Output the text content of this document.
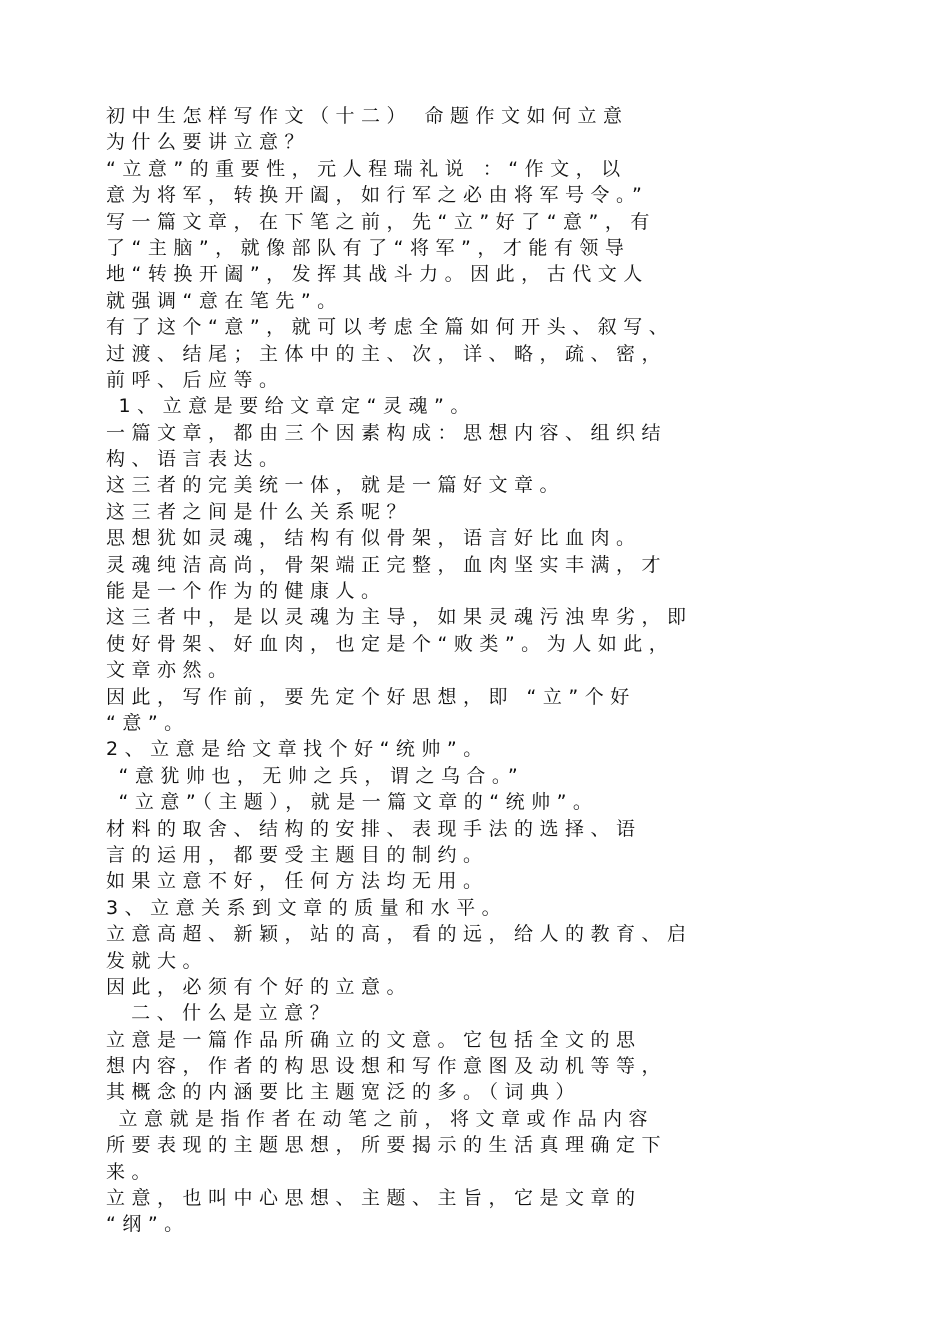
初中生怎样写作文（十二） 命题作文如何立意
为什么要讲立意？
“立意”的重要性，元人程瑞礼说 ：“作文，以
意为将军，转换开阖，如行军之必由将军号令。”
写一篇文章，在下笔之前，先“立”好了“意”，有
了“主脑”，就像部队有了“将军”，才能有领导
地“转换开阖”，发挥其战斗力。因此，古代文人
就强调“意在笔先”。
有了这个“意”，就可以考虑全篇如何开头、叙写、
过渡、结尾；主体中的主、次，详、略，疏、密，
前呼、后应等。
1、立意是要给文章定“灵魂”。
一篇文章，都由三个因素构成：思想内容、组织结
构、语言表达。
这三者的完美统一体，就是一篇好文章。
这三者之间是什么关系呢？
思想犹如灵魂，结构有似骨架，语言好比血肉。
灵魂纯洁高尚，骨架端正完整，血肉坚实丰满，才
能是一个作为的健康人。
这三者中，是以灵魂为主导，如果灵魂污浊卑劣，即
使好骨架、好血肉，也定是个“败类”。为人如此，
文章亦然。
因此，写作前，要先定个好思想，即 “立”个好
“意”。
2、立意是给文章找个好“统帅”。
“意犹帅也，无帅之兵，谓之乌合。”
“立意”（主题），就是一篇文章的“统帅”。
材料的取舍、结构的安排、表现手法的选择、语
言的运用，都要受主题目的制约。
如果立意不好，任何方法均无用。
3、立意关系到文章的质量和水平。
立意高超、新颖，站的高，看的远，给人的教育、启
发就大。
因此，必须有个好的立意。
二、什么是立意？
立意是一篇作品所确立的文意。它包括全文的思
想内容，作者的构思设想和写作意图及动机等等，
其概念的内涵要比主题宽泛的多。（词典）
立意就是指作者在动笔之前，将文章或作品内容
所要表现的主题思想，所要揭示的生活真理确定下
来。
立意，也叫中心思想、主题、主旨，它是文章的
“纲”。
